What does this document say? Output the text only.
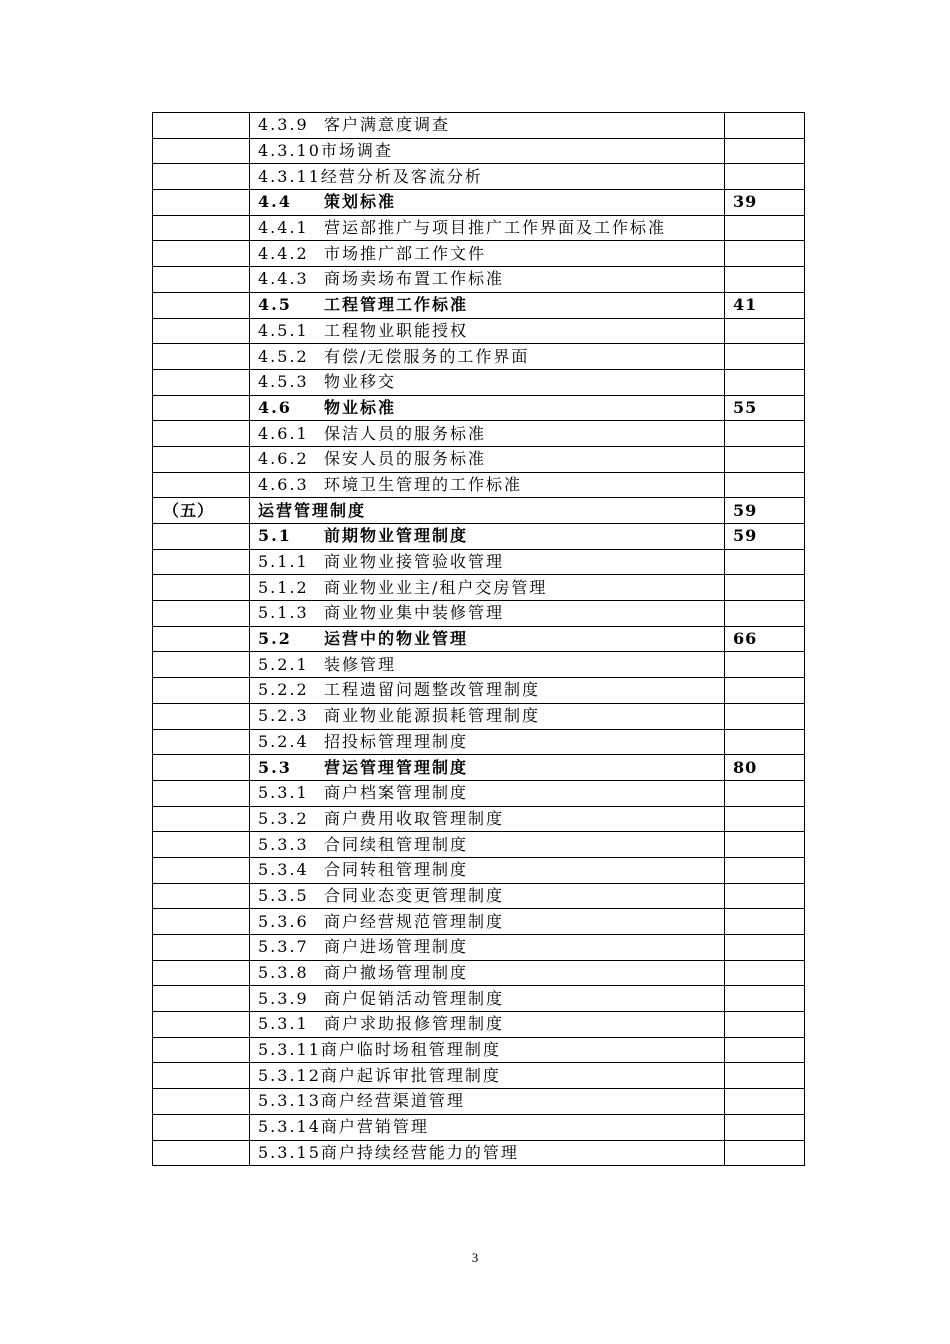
	4.3.9 客户满意度调查	
	4.3.10市场调查	
	4.3.11经营分析及客流分析	
	4.4 策划标准	39
	4.4.1 营运部推广与项目推广工作界面及工作标准	
	4.4.2 市场推广部工作文件	
	4.4.3 商场卖场布置工作标准	
	4.5 工程管理工作标准	41
	4.5.1 工程物业职能授权	
	4.5.2 有偿/无偿服务的工作界面	
	4.5.3 物业移交	
	4.6 物业标准	55
	4.6.1 保洁人员的服务标准	
	4.6.2 保安人员的服务标准	
	4.6.3 环境卫生管理的工作标准	
（五）	运营管理制度	59
	5.1 前期物业管理制度	59
	5.1.1 商业物业接管验收管理	
	5.1.2 商业物业业主/租户交房管理	
	5.1.3 商业物业集中装修管理	
	5.2 运营中的物业管理	66
	5.2.1 装修管理	
	5.2.2 工程遗留问题整改管理制度	
	5.2.3 商业物业能源损耗管理制度	
	5.2.4 招投标管理理制度	
	5.3 营运管理管理制度	80
	5.3.1 商户档案管理制度	
	5.3.2 商户费用收取管理制度	
	5.3.3 合同续租管理制度	
	5.3.4 合同转租管理制度	
	5.3.5 合同业态变更管理制度	
	5.3.6 商户经营规范管理制度	
	5.3.7 商户进场管理制度	
	5.3.8 商户撤场管理制度	
	5.3.9 商户促销活动管理制度	
	5.3.1 商户求助报修管理制度	
	5.3.11商户临时场租管理制度	
	5.3.12商户起诉审批管理制度	
	5.3.13商户经营渠道管理	
	5.3.14商户营销管理	
	5.3.15商户持续经营能力的管理	
3
